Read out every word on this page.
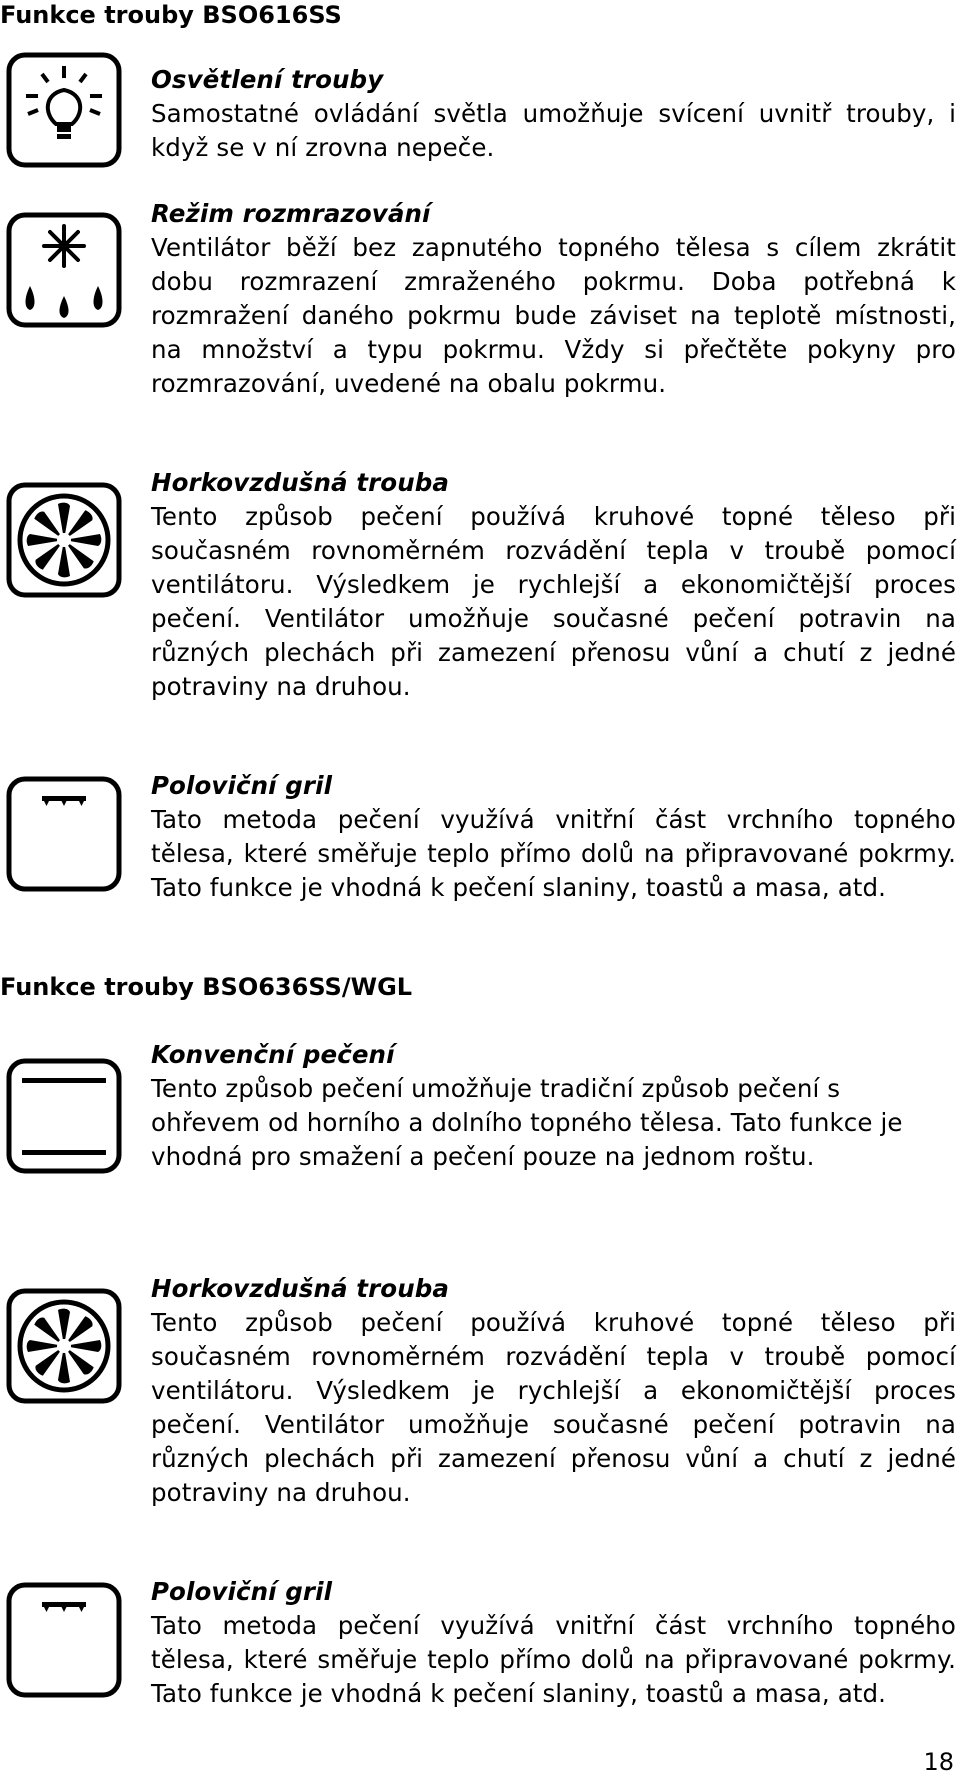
Funkce trouby BSO616SS
Osvětlení trouby
Samostatné ovládání světla umožňuje svícení uvnitř trouby, i když se v ní zrovna nepeče.
Režim rozmrazování
Ventilátor běží bez zapnutého topného tělesa s cílem zkrátit dobu rozmrazení zmraženého pokrmu. Doba potřebná k rozmražení daného pokrmu bude záviset na teplotě místnosti, na množství a typu pokrmu. Vždy si přečtěte pokyny pro rozmrazování, uvedené na obalu pokrmu.
Horkovzdušná trouba
Tento způsob pečení používá kruhové topné těleso při současném rovnoměrném rozvádění tepla v troubě pomocí ventilátoru. Výsledkem je rychlejší a ekonomičtější proces pečení. Ventilátor umožňuje současné pečení potravin na různých plechách při zamezení přenosu vůní a chutí z jedné potraviny na druhou.
Poloviční gril
Tato metoda pečení využívá vnitřní část vrchního topného tělesa, které směřuje teplo přímo dolů na připravované pokrmy. Tato funkce je vhodná k pečení slaniny, toastů a masa, atd.
Funkce trouby BSO636SS/WGL
Konvenční pečení
Tento způsob pečení umožňuje tradiční způsob pečení s ohřevem od horního a dolního topného tělesa. Tato funkce je vhodná pro smažení a pečení pouze na jednom roštu.
Horkovzdušná trouba
Tento způsob pečení používá kruhové topné těleso při současném rovnoměrném rozvádění tepla v troubě pomocí ventilátoru. Výsledkem je rychlejší a ekonomičtější proces pečení. Ventilátor umožňuje současné pečení potravin na různých plechách při zamezení přenosu vůní a chutí z jedné potraviny na druhou.
Poloviční gril
Tato metoda pečení využívá vnitřní část vrchního topného tělesa, které směřuje teplo přímo dolů na připravované pokrmy. Tato funkce je vhodná k pečení slaniny, toastů a masa, atd.
18
